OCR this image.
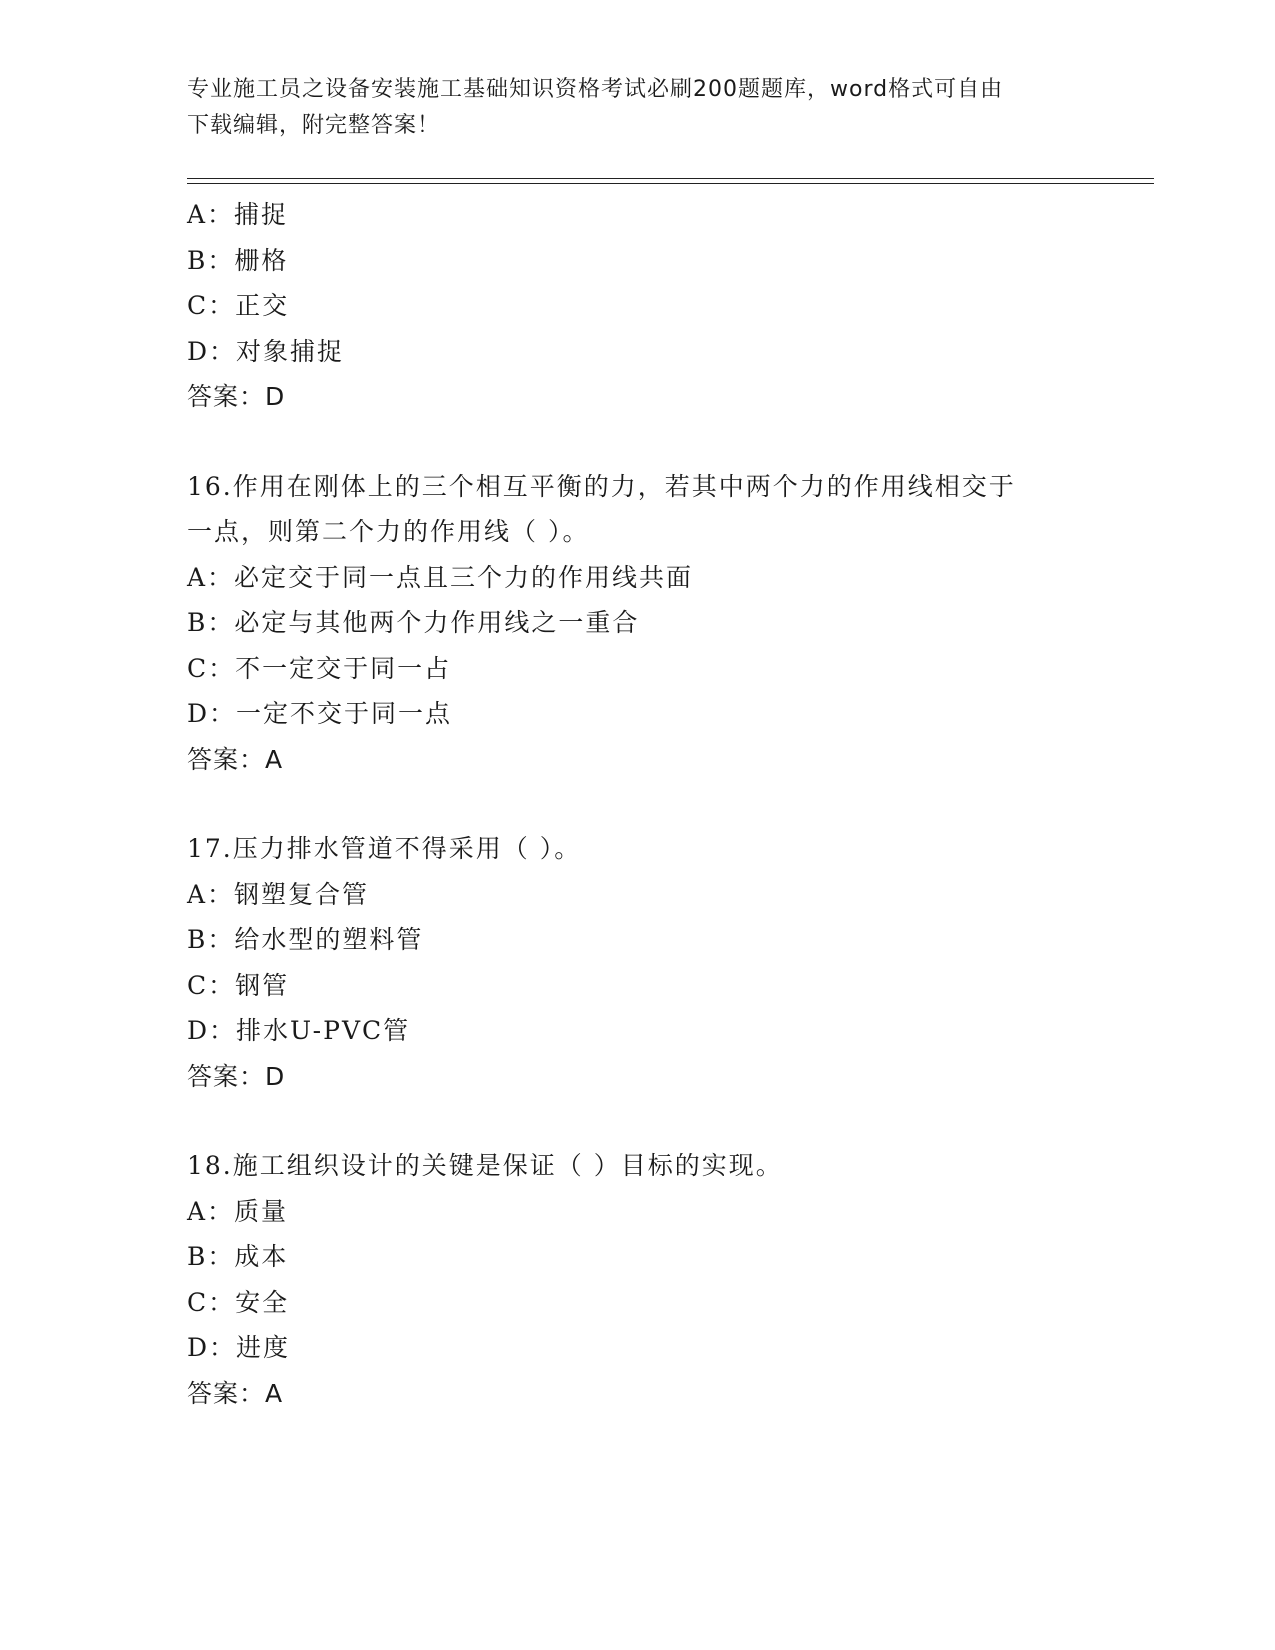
专业施工员之设备安装施工基础知识资格考试必刷200题题库，word格式可自由
下载编辑，附完整答案！
A：捕捉
B：栅格
C：正交
D：对象捕捉
答案：D
16.作用在刚体上的三个相互平衡的力，若其中两个力的作用线相交于
一点，则第二个力的作用线（ ）。
A：必定交于同一点且三个力的作用线共面
B：必定与其他两个力作用线之一重合
C：不一定交于同一占
D：一定不交于同一点
答案：A
17.压力排水管道不得采用（ ）。
A：钢塑复合管
B：给水型的塑料管
C：钢管
D：排水U-PVC管
答案：D
18.施工组织设计的关键是保证（ ）目标的实现。
A：质量
B：成本
C：安全
D：进度
答案：A
